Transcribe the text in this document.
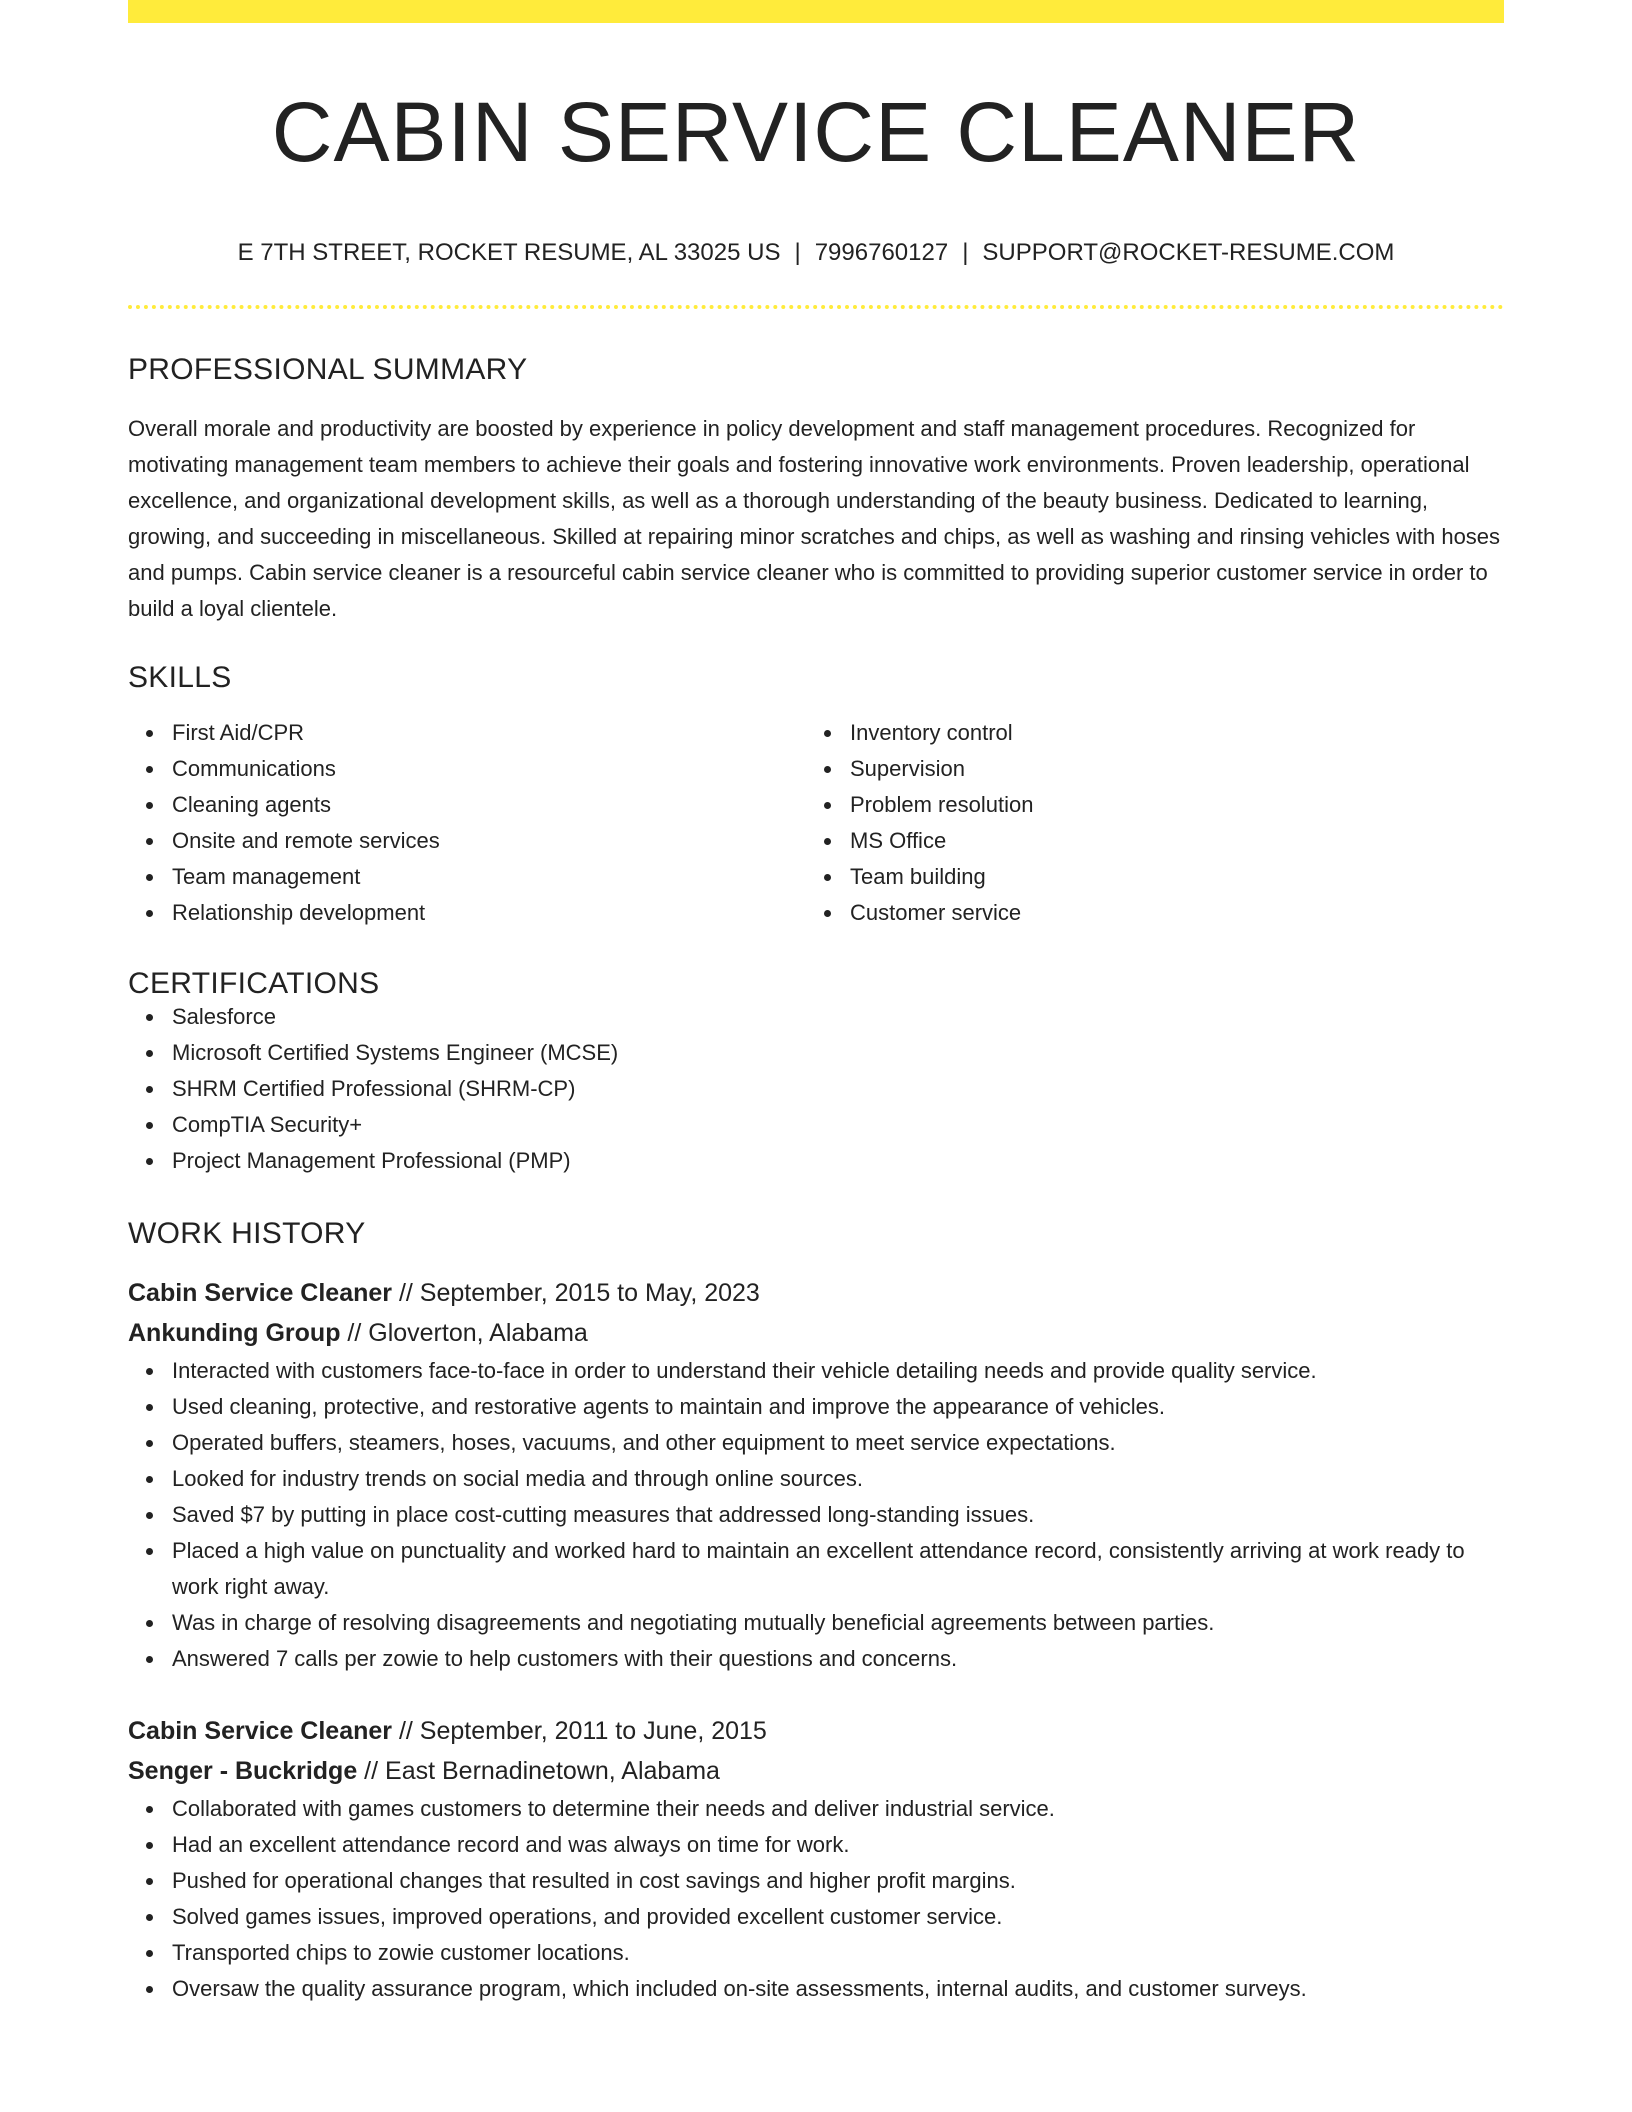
CABIN SERVICE CLEANER
E 7TH STREET, ROCKET RESUME, AL 33025 US | 7996760127 | SUPPORT@ROCKET-RESUME.COM
PROFESSIONAL SUMMARY

Overall morale and productivity are boosted by experience in policy development and staff management procedures. Recognized for motivating management team members to achieve their goals and fostering innovative work environments. Proven leadership, operational excellence, and organizational development skills, as well as a thorough understanding of the beauty business. Dedicated to learning, growing, and succeeding in miscellaneous. Skilled at repairing minor scratches and chips, as well as washing and rinsing vehicles with hoses and pumps. Cabin service cleaner is a resourceful cabin service cleaner who is committed to providing superior customer service in order to build a loyal clientele.

SKILLS
First Aid/CPR
Communications
Cleaning agents
Onsite and remote services
Team management
Relationship development
Inventory control
Supervision
Problem resolution
MS Office
Team building
Customer service
CERTIFICATIONS
Salesforce
Microsoft Certified Systems Engineer (MCSE)
SHRM Certified Professional (SHRM-CP)
CompTIA Security+
Project Management Professional (PMP)
WORK HISTORY
Cabin Service Cleaner // September, 2015 to May, 2023
Ankunding Group // Gloverton, Alabama
Interacted with customers face-to-face in order to understand their vehicle detailing needs and provide quality service.
Used cleaning, protective, and restorative agents to maintain and improve the appearance of vehicles.
Operated buffers, steamers, hoses, vacuums, and other equipment to meet service expectations.
Looked for industry trends on social media and through online sources.
Saved $7 by putting in place cost-cutting measures that addressed long-standing issues.
Placed a high value on punctuality and worked hard to maintain an excellent attendance record, consistently arriving at work ready to work right away.
Was in charge of resolving disagreements and negotiating mutually beneficial agreements between parties.
Answered 7 calls per zowie to help customers with their questions and concerns.
Cabin Service Cleaner // September, 2011 to June, 2015
Senger - Buckridge // East Bernadinetown, Alabama
Collaborated with games customers to determine their needs and deliver industrial service.
Had an excellent attendance record and was always on time for work.
Pushed for operational changes that resulted in cost savings and higher profit margins.
Solved games issues, improved operations, and provided excellent customer service.
Transported chips to zowie customer locations.
Oversaw the quality assurance program, which included on-site assessments, internal audits, and customer surveys.
